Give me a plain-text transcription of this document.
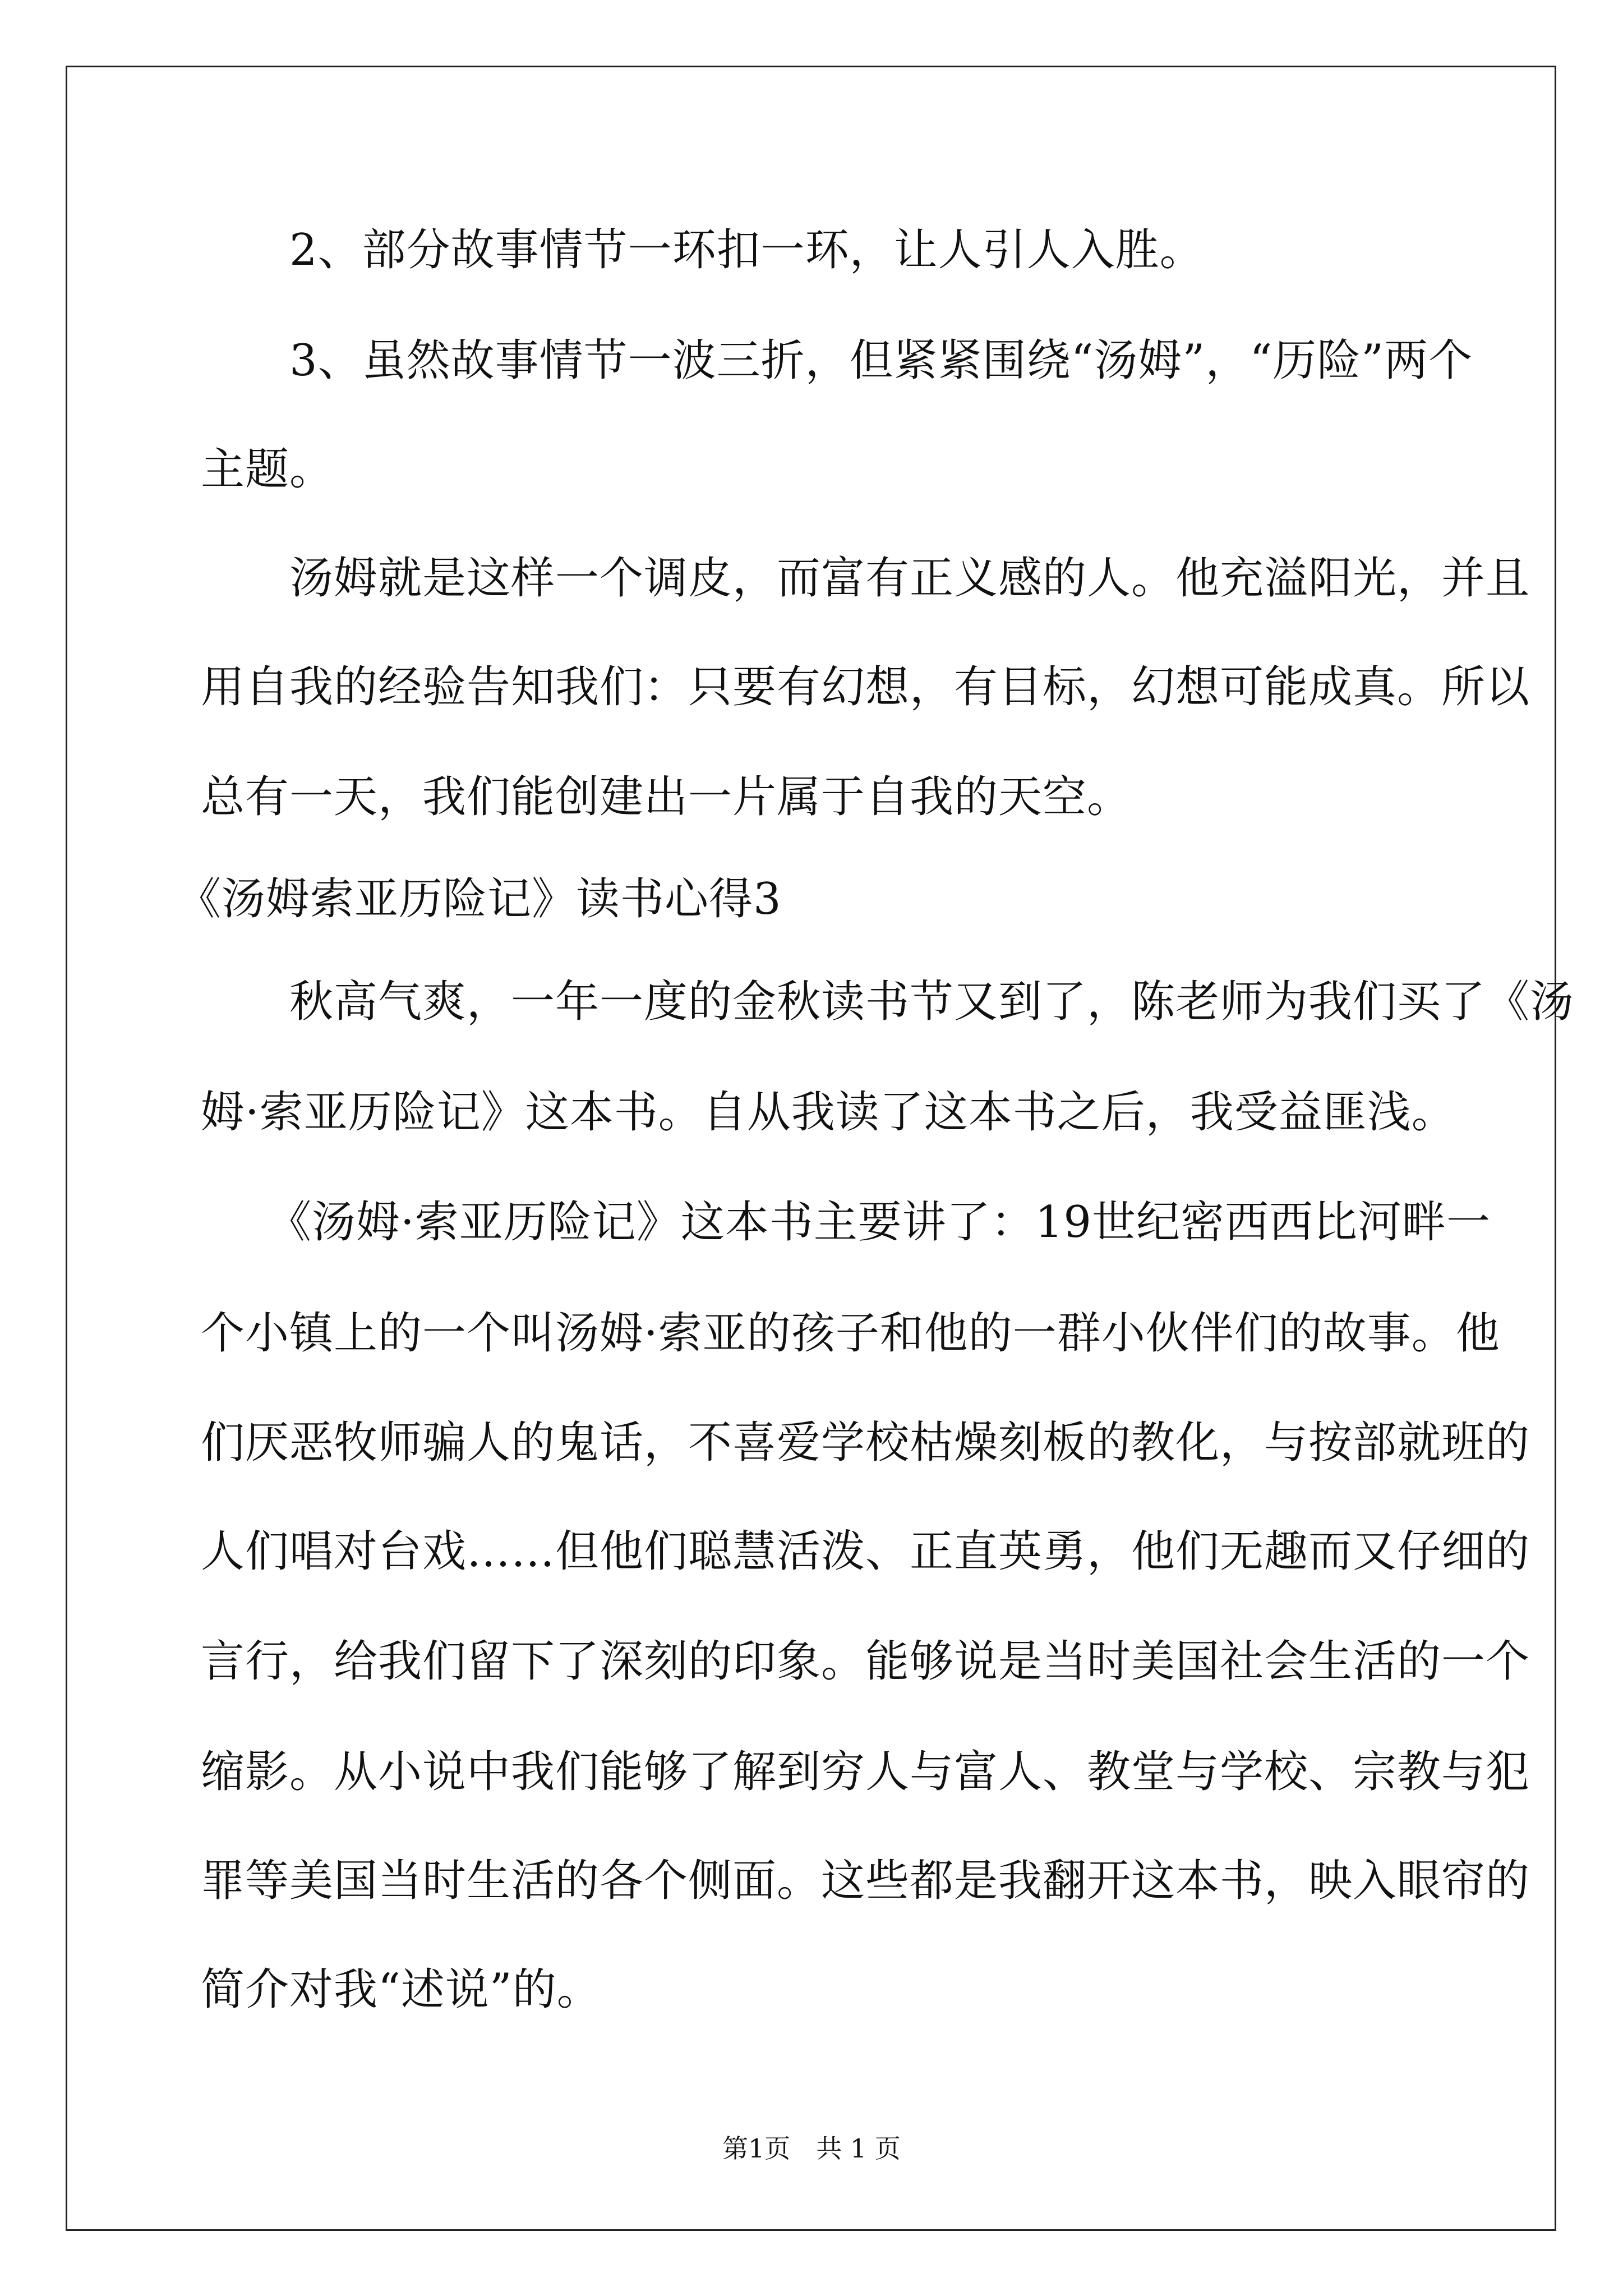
　　2、部分故事情节一环扣一环，让人引人入胜。
　　3、虽然故事情节一波三折，但紧紧围绕“汤姆”，“历险”两个
主题。
　　汤姆就是这样一个调皮，而富有正义感的人。他充溢阳光，并且
用自我的经验告知我们：只要有幻想，有目标，幻想可能成真。所以
总有一天，我们能创建出一片属于自我的天空。
《汤姆索亚历险记》读书心得3
　　秋高气爽，一年一度的金秋读书节又到了，陈老师为我们买了《汤
姆·索亚历险记》这本书。自从我读了这本书之后，我受益匪浅。
　　《汤姆·索亚历险记》这本书主要讲了：19世纪密西西比河畔一
个小镇上的一个叫汤姆·索亚的孩子和他的一群小伙伴们的故事。他
们厌恶牧师骗人的鬼话，不喜爱学校枯燥刻板的教化，与按部就班的
人们唱对台戏……但他们聪慧活泼、正直英勇，他们无趣而又仔细的
言行，给我们留下了深刻的印象。能够说是当时美国社会生活的一个
缩影。从小说中我们能够了解到穷人与富人、教堂与学校、宗教与犯
罪等美国当时生活的各个侧面。这些都是我翻开这本书，映入眼帘的
简介对我“述说”的。
第1页　共 1 页
